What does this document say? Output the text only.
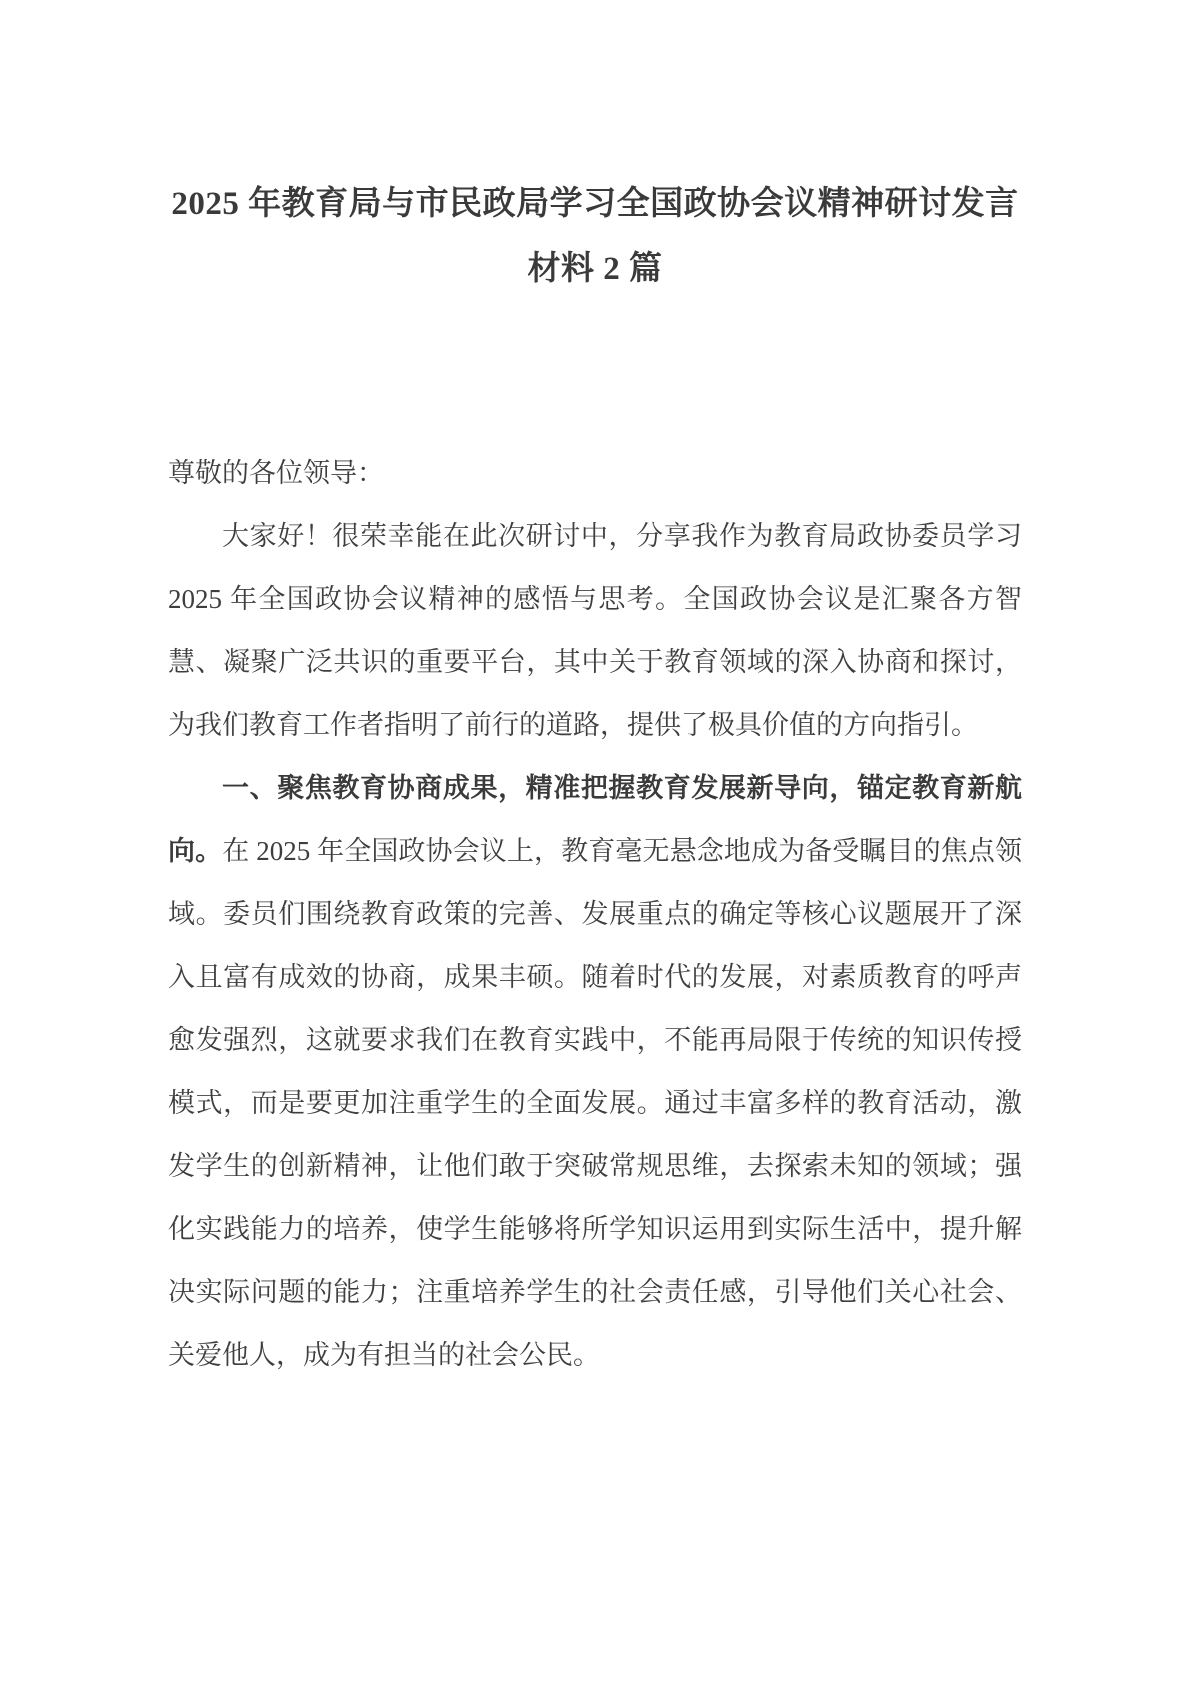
2025 年教育局与市民政局学习全国政协会议精神研讨发言材料 2 篇

尊敬的各位领导：

大家好！很荣幸能在此次研讨中，分享我作为教育局政协委员学习 2025 年全国政协会议精神的感悟与思考。全国政协会议是汇聚各方智慧、凝聚广泛共识的重要平台，其中关于教育领域的深入协商和探讨，为我们教育工作者指明了前行的道路，提供了极具价值的方向指引。

一、聚焦教育协商成果，精准把握教育发展新导向，锚定教育新航向。在 2025 年全国政协会议上，教育毫无悬念地成为备受瞩目的焦点领域。委员们围绕教育政策的完善、发展重点的确定等核心议题展开了深入且富有成效的协商，成果丰硕。随着时代的发展，对素质教育的呼声愈发强烈，这就要求我们在教育实践中，不能再局限于传统的知识传授模式，而是要更加注重学生的全面发展。通过丰富多样的教育活动，激发学生的创新精神，让他们敢于突破常规思维，去探索未知的领域；强化实践能力的培养，使学生能够将所学知识运用到实际生活中，提升解决实际问题的能力；注重培养学生的社会责任感，引导他们关心社会、关爱他人，成为有担当的社会公民。
